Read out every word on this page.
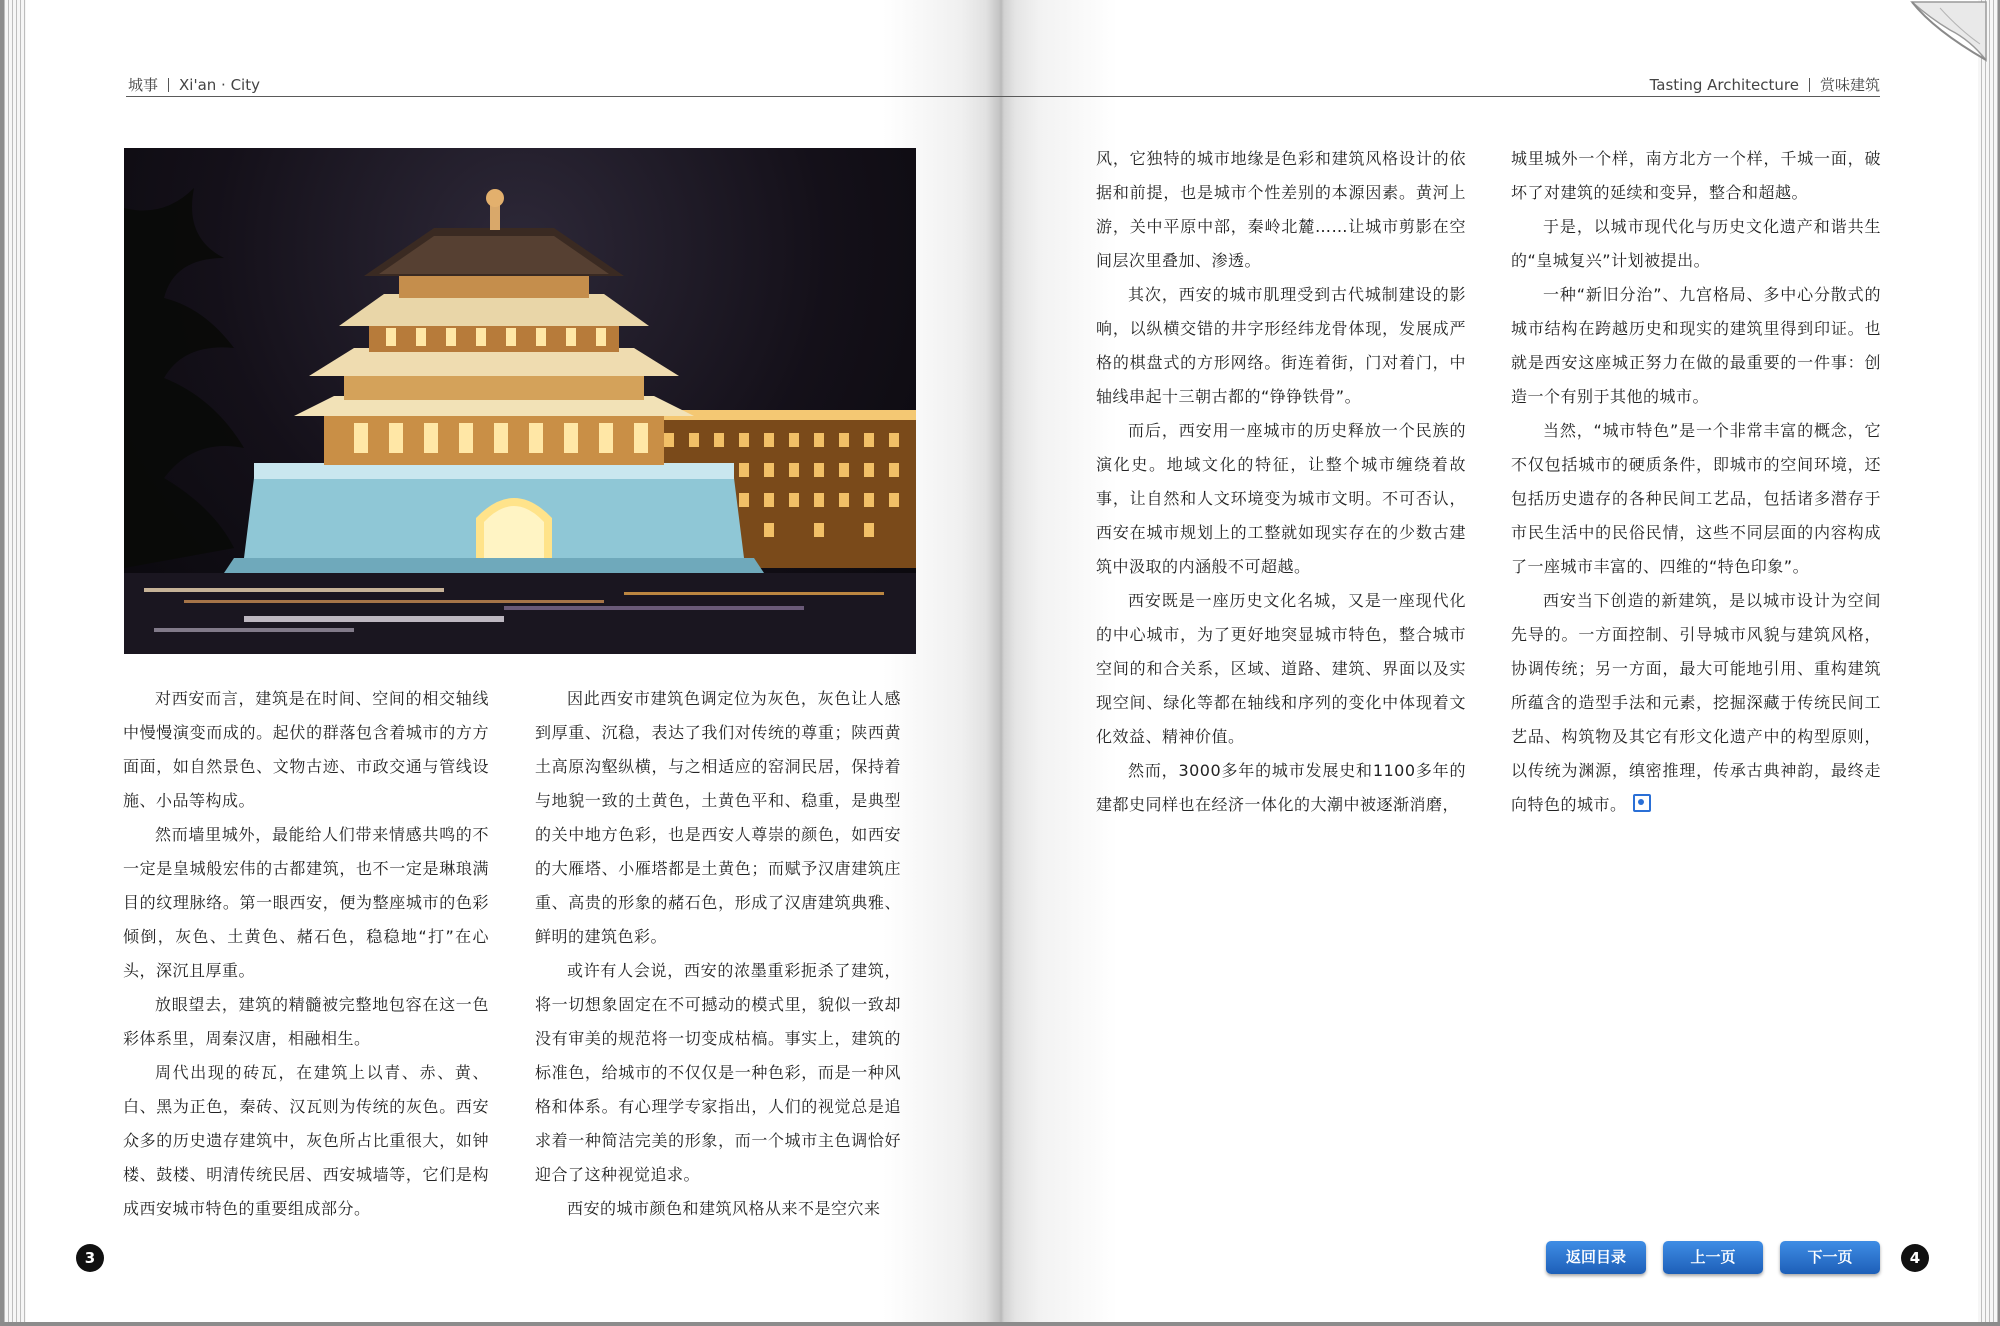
城事 Xi'an · City	Tasting Architecture 赏味建筑

对西安而言，建筑是在时间、空间的相交轴线中慢慢演变而成的。起伏的群落包含着城市的方方面面，如自然景色、文物古迹、市政交通与管线设施、小品等构成。

然而墙里城外，最能给人们带来情感共鸣的不一定是皇城般宏伟的古都建筑，也不一定是琳琅满目的纹理脉络。第一眼西安，便为整座城市的色彩倾倒，灰色、土黄色、赭石色，稳稳地“打”在心头，深沉且厚重。

放眼望去，建筑的精髓被完整地包容在这一色彩体系里，周秦汉唐，相融相生。

周代出现的砖瓦，在建筑上以青、赤、黄、白、黑为正色，秦砖、汉瓦则为传统的灰色。西安众多的历史遗存建筑中，灰色所占比重很大，如钟楼、鼓楼、明清传统民居、西安城墙等，它们是构成西安城市特色的重要组成部分。

因此西安市建筑色调定位为灰色，灰色让人感到厚重、沉稳，表达了我们对传统的尊重；陕西黄土高原沟壑纵横，与之相适应的窑洞民居，保持着与地貌一致的土黄色，土黄色平和、稳重，是典型的关中地方色彩，也是西安人尊崇的颜色，如西安的大雁塔、小雁塔都是土黄色；而赋予汉唐建筑庄重、高贵的形象的赭石色，形成了汉唐建筑典雅、鲜明的建筑色彩。

或许有人会说，西安的浓墨重彩扼杀了建筑，将一切想象固定在不可撼动的模式里，貌似一致却没有审美的规范将一切变成枯槁。事实上，建筑的标准色，给城市的不仅仅是一种色彩，而是一种风格和体系。有心理学专家指出，人们的视觉总是追求着一种简洁完美的形象，而一个城市主色调恰好迎合了这种视觉追求。

西安的城市颜色和建筑风格从来不是空穴来

风，它独特的城市地缘是色彩和建筑风格设计的依据和前提，也是城市个性差别的本源因素。黄河上游，关中平原中部，秦岭北麓……让城市剪影在空间层次里叠加、渗透。

其次，西安的城市肌理受到古代城制建设的影响，以纵横交错的井字形经纬龙骨体现，发展成严格的棋盘式的方形网络。街连着街，门对着门，中轴线串起十三朝古都的“铮铮铁骨”。

而后，西安用一座城市的历史释放一个民族的演化史。地域文化的特征，让整个城市缠绕着故事，让自然和人文环境变为城市文明。不可否认，西安在城市规划上的工整就如现实存在的少数古建筑中汲取的内涵般不可超越。

西安既是一座历史文化名城，又是一座现代化的中心城市，为了更好地突显城市特色，整合城市空间的和合关系，区域、道路、建筑、界面以及实现空间、绿化等都在轴线和序列的变化中体现着文化效益、精神价值。

然而，3000多年的城市发展史和1100多年的建都史同样也在经济一体化的大潮中被逐渐消磨，

城里城外一个样，南方北方一个样，千城一面，破坏了对建筑的延续和变异，整合和超越。

于是，以城市现代化与历史文化遗产和谐共生的“皇城复兴”计划被提出。

一种“新旧分治”、九宫格局、多中心分散式的城市结构在跨越历史和现实的建筑里得到印证。也就是西安这座城正努力在做的最重要的一件事：创造一个有别于其他的城市。

当然，“城市特色”是一个非常丰富的概念，它不仅包括城市的硬质条件，即城市的空间环境，还包括历史遗存的各种民间工艺品，包括诸多潜存于市民生活中的民俗民情，这些不同层面的内容构成了一座城市丰富的、四维的“特色印象”。

西安当下创造的新建筑，是以城市设计为空间先导的。一方面控制、引导城市风貌与建筑风格，协调传统；另一方面，最大可能地引用、重构建筑所蕴含的造型手法和元素，挖掘深藏于传统民间工艺品、构筑物及其它有形文化遗产中的构型原则，以传统为渊源，缜密推理，传承古典神韵，最终走向特色的城市。

3	4
返回目录	上一页	下一页
